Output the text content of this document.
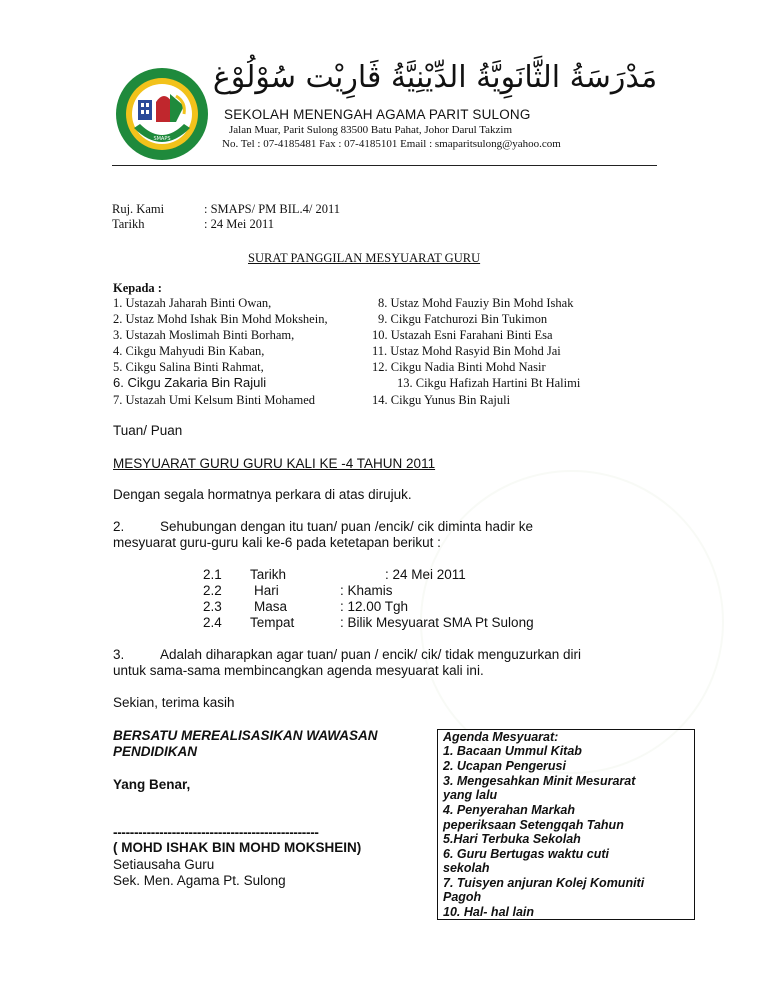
SMAPS
مَدْرَسَةُ الثَّانَوِيَّةُ الدِّيْنِيَّةُ ڤَارِيْت سُوْلُوْغ
SEKOLAH MENENGAH AGAMA PARIT SULONG
Jalan Muar, Parit Sulong 83500 Batu Pahat, Johor Darul Takzim
No. Tel : 07-4185481 Fax : 07-4185101 Email : smaparitsulong@yahoo.com
Ruj. Kami	: SMAPS/ PM BIL.4/ 2011
Tarikh	: 24 Mei 2011
SURAT PANGGILAN MESYUARAT GURU
Kepada :
1. Ustazah Jaharah Binti Owan,
2. Ustaz Mohd Ishak Bin Mohd Mokshein,
3. Ustazah Moslimah Binti Borham,
4. Cikgu Mahyudi Bin Kaban,
5. Cikgu Salina Binti Rahmat,
6. Cikgu Zakaria Bin Rajuli
7. Ustazah Umi Kelsum Binti Mohamed
8. Ustaz Mohd Fauziy Bin Mohd Ishak
9. Cikgu Fatchurozi Bin Tukimon
10. Ustazah Esni Farahani Binti Esa
11. Ustaz Mohd Rasyid Bin Mohd Jai
12. Cikgu Nadia Binti Mohd Nasir
13. Cikgu Hafizah Hartini Bt Halimi
14. Cikgu Yunus Bin Rajuli
Tuan/ Puan
MESYUARAT GURU GURU KALI KE -4 TAHUN 2011
Dengan segala hormatnya perkara di atas dirujuk.
2.	Sehubungan dengan itu tuan/ puan /encik/ cik diminta hadir ke
mesyuarat guru-guru kali ke-6 pada ketetapan berikut :
2.1 Tarikh	: 24 Mei 2011
2.2 Hari	: Khamis
2.3 Masa	: 12.00 Tgh
2.4 Tempat	: Bilik Mesyuarat SMA Pt Sulong
3.	Adalah diharapkan agar tuan/ puan / encik/ cik/ tidak menguzurkan diri
untuk sama-sama membincangkan agenda mesyuarat kali ini.
Sekian, terima kasih
BERSATU MEREALISASIKAN WAWASAN
PENDIDIKAN
Yang Benar,
-------------------------------------------------
( MOHD ISHAK BIN MOHD MOKSHEIN)
Setiausaha Guru
Sek. Men. Agama Pt. Sulong
Agenda Mesyuarat:
1. Bacaan Ummul Kitab
2. Ucapan Pengerusi
3. Mengesahkan Minit Mesurarat
yang lalu
4. Penyerahan Markah
peperiksaan Setengqah Tahun
5.Hari Terbuka Sekolah
6. Guru Bertugas waktu cuti
sekolah
7. Tuisyen anjuran Kolej Komuniti
Pagoh
10. Hal- hal lain
